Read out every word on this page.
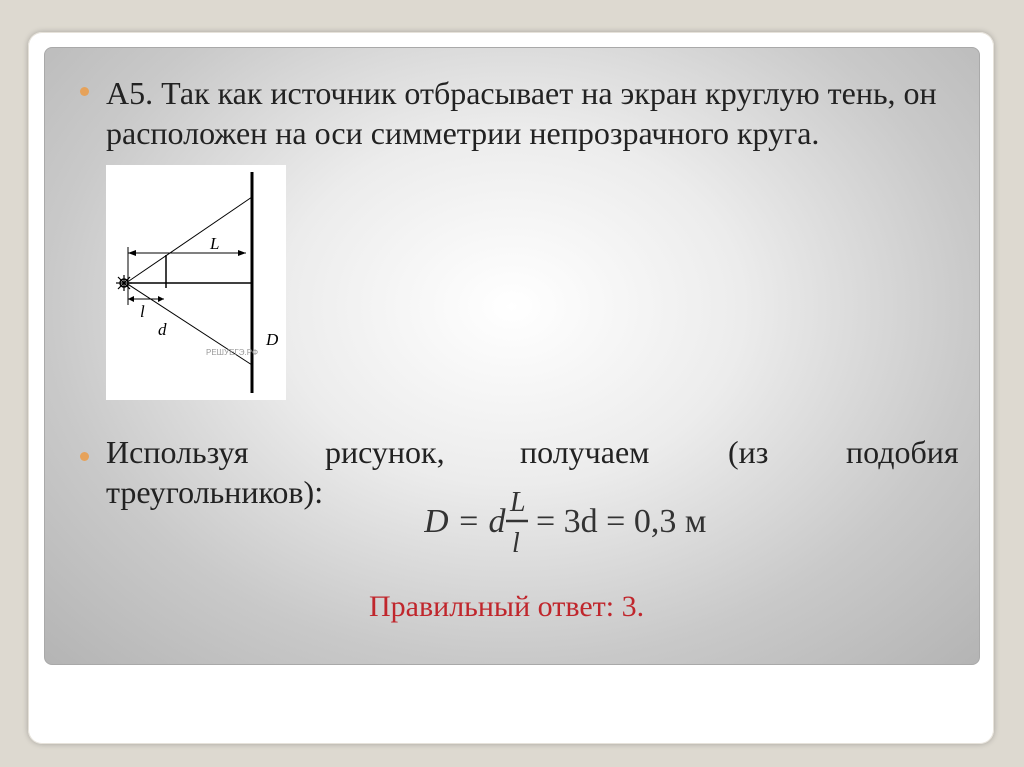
А5. Так как источник отбрасывает на экран круглую тень, он расположен на оси симметрии непрозрачного круга.
L
l
d
D
РЕШУЕГЭ.РФ
Используя рисунок, получаем (из подобия
треугольников):
D = d
L
l
= 3d = 0,3 м
Правильный ответ: 3.
